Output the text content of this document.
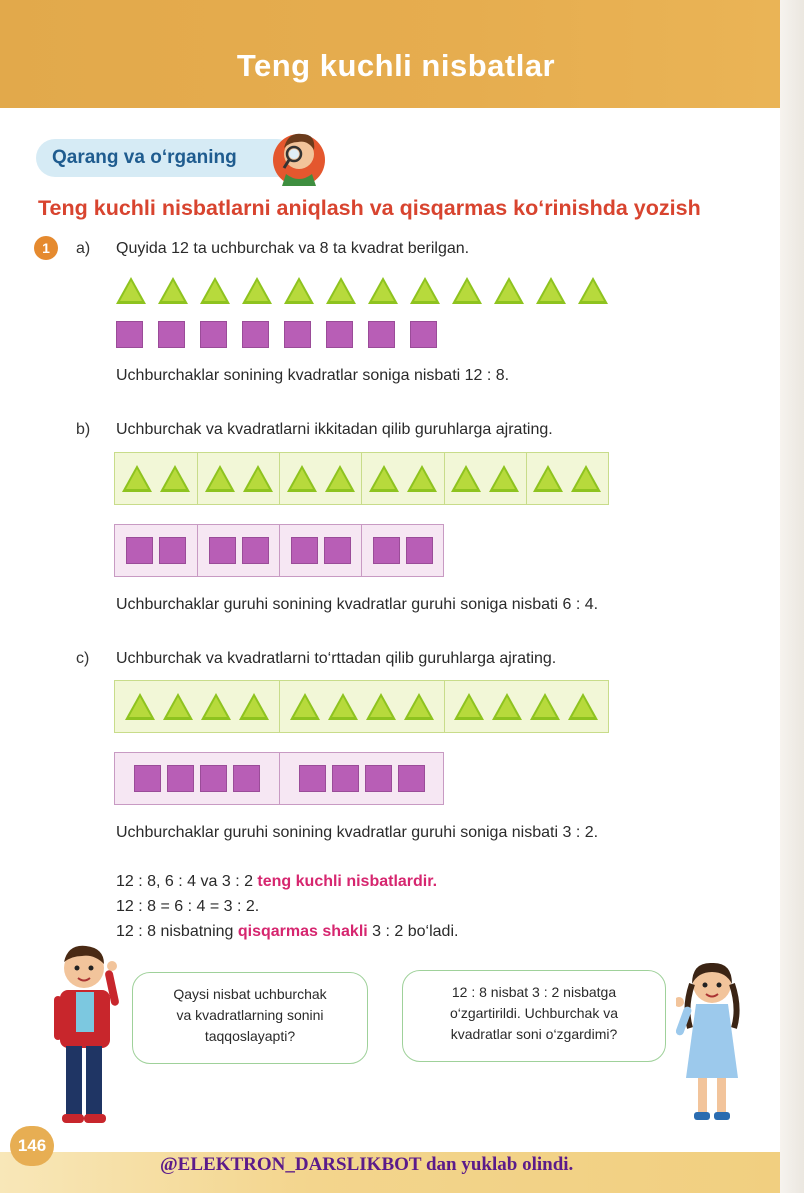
Teng kuchli nisbatlar
Qarang va o‘rganing
Teng kuchli nisbatlarni aniqlash va qisqarmas ko‘rinishda yozish
1	a) Quyida 12 ta uchburchak va 8 ta kvadrat berilgan.
Uchburchaklar sonining kvadratlar soniga nisbati 12 : 8.
b) Uchburchak va kvadratlarni ikkitadan qilib guruhlarga ajrating.
Uchburchaklar guruhi sonining kvadratlar guruhi soniga nisbati 6 : 4.
c) Uchburchak va kvadratlarni to‘rttadan qilib guruhlarga ajrating.
Uchburchaklar guruhi sonining kvadratlar guruhi soniga nisbati 3 : 2.
12 : 8, 6 : 4 va 3 : 2 teng kuchli nisbatlardir.
12 : 8 = 6 : 4 = 3 : 2.
12 : 8 nisbatning qisqarmas shakli 3 : 2 bo‘ladi.
Qaysi nisbat uchburchak
va kvadratlarning sonini
taqqoslayapti?
12 : 8 nisbat 3 : 2 nisbatga
o‘zgartirildi. Uchburchak va
kvadratlar soni o‘zgardimi?
146
@ELEKTRON_DARSLIKBOT dan yuklab olindi.
